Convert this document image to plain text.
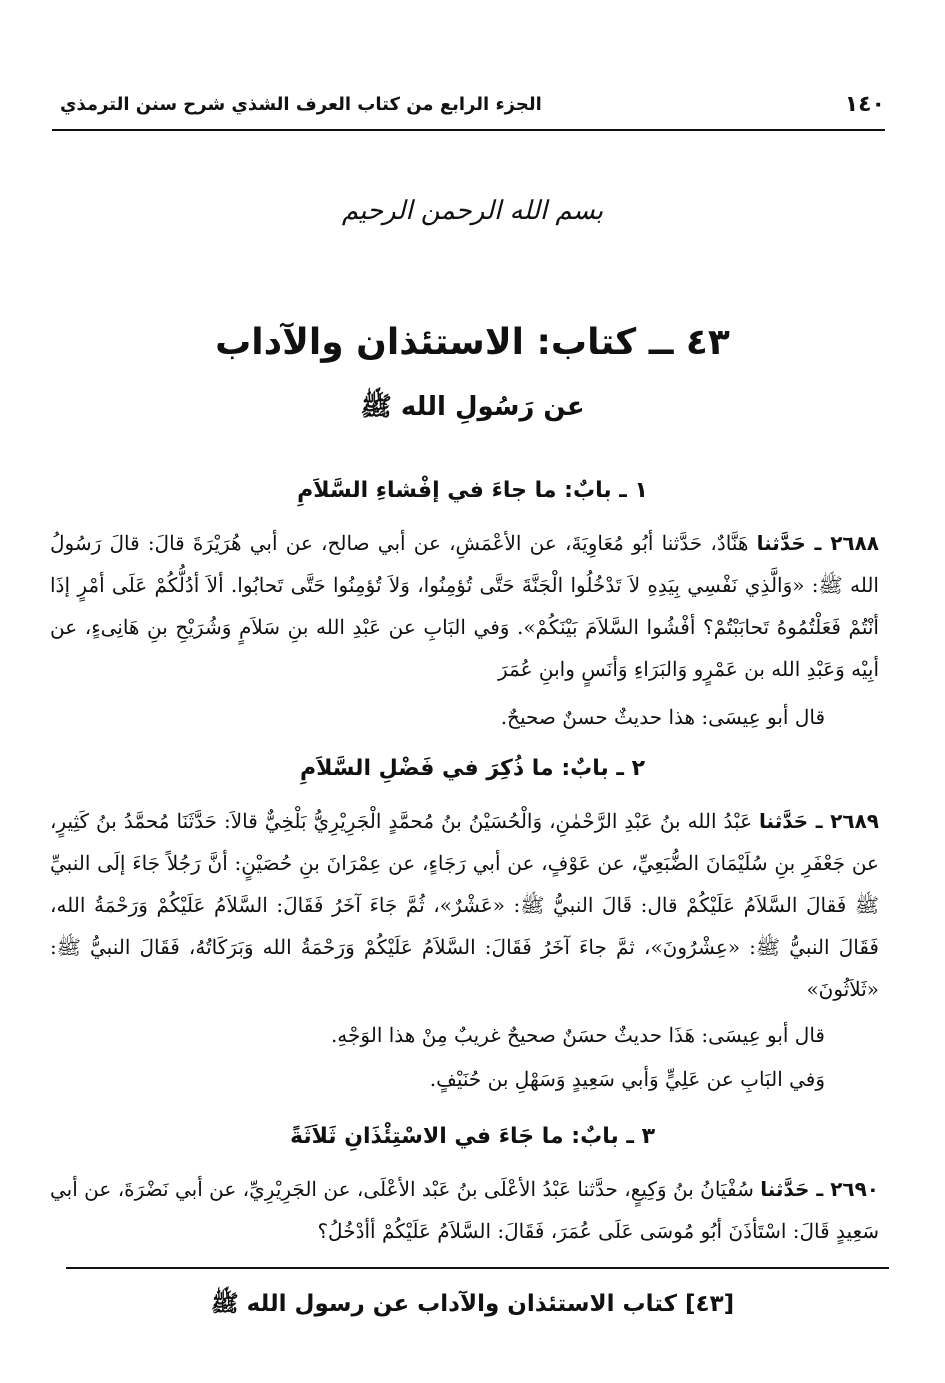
١٤٠
الجزء الرابع من كتاب العرف الشذي شرح سنن الترمذي
بسم الله الرحمن الرحيم
٤٣ ــ كتاب: الاستئذان والآداب
عن رَسُولِ الله ﷺ
١ ـ بابٌ: ما جاءَ في إفْشاءِ السَّلاَمِ
٢٦٨٨ ـ حَدَّثنا هَنَّادٌ، حَدَّثنا أبُو مُعَاوِيَةَ، عن الأعْمَشِ، عن أبي صالح، عن أبي هُرَيْرَةَ قالَ: قالَ رَسُولُ الله ﷺ: «وَالَّذِي نَفْسِي بِيَدِهِ لاَ تَدْخُلُوا الْجَنَّةَ حَتَّى تُؤمِنُوا، وَلاَ تُؤمِنُوا حَتَّى تَحابُوا. ألاَ أدُلُّكُمْ عَلَى أمْرٍ إذَا أنْتُمْ فَعَلْتُمُوهُ تَحابَبْتُمْ؟ أفْشُوا السَّلاَمَ بَيْنَكُمْ». وَفي البَابِ عن عَبْدِ الله بنِ سَلاَمٍ وَشُرَيْحِ بنِ هَانِىءٍ، عن أبِيْه وَعَبْدِ الله بن عَمْرٍو وَالبَرَاءِ وَأنَسٍ وابنِ عُمَرَ
قال أبو عِيسَى: هذا حديثٌ حسنٌ صحيحٌ.
٢ ـ بابٌ: ما ذُكِرَ في فَضْلِ السَّلاَمِ
٢٦٨٩ ـ حَدَّثنا عَبْدُ الله بنُ عَبْدِ الرَّحْمٰنِ، وَالْحُسَيْنُ بنُ مُحمَّدٍ الْجَرِيْرِيُّ بَلْخِيٌّ قالاَ: حَدَّثَنَا مُحمَّدُ بنُ كَثِيرٍ، عن جَعْفَرِ بنِ سُلَيْمَانَ الضُّبَعِيِّ، عن عَوْفٍ، عن أبي رَجَاءٍ، عن عِمْرَانَ بنِ حُصَيْنٍ: أنَّ رَجُلاً جَاءَ إلَى النبيِّ ﷺ فَقالَ السَّلاَمُ عَلَيْكُمْ قال: قَالَ النبيُّ ﷺ: «عَشْرٌ»، ثُمَّ جَاءَ آخَرُ فَقَالَ: السَّلاَمُ عَلَيْكُمْ وَرَحْمَةُ الله، فَقَالَ النبيُّ ﷺ: «عِشْرُونَ»، ثمَّ جاءَ آخَرُ فَقَالَ: السَّلاَمُ عَلَيْكُمْ وَرَحْمَةُ الله وَبَرَكَاتُهُ، فَقَالَ النبيُّ ﷺ: «ثَلاَثُونَ»
قال أبو عِيسَى: هَذَا حديثٌ حسَنٌ صحيحٌ غريبٌ مِنْ هذا الوَجْهِ.
وَفي البَابِ عن عَلِيٍّ وَأبي سَعِيدٍ وَسَهْلِ بن حُنَيْفٍ.
٣ ـ بابٌ: ما جَاءَ في الاسْتِئْذَانِ ثَلاَثَةً
٢٦٩٠ ـ حَدَّثنا سُفْيَانُ بنُ وَكِيعٍ، حدَّثنا عَبْدُ الأعْلَى بنُ عَبْد الأعْلَى، عن الجَرِيْرِيِّ، عن أبي نَضْرَةَ، عن أبي سَعِيدٍ قَالَ: اسْتَأذَنَ أبُو مُوسَى عَلَى عُمَرَ، فَقَالَ: السَّلاَمُ عَلَيْكُمْ أأدْخُلُ؟
[٤٣] كتاب الاستئذان والآداب عن رسول الله ﷺ
